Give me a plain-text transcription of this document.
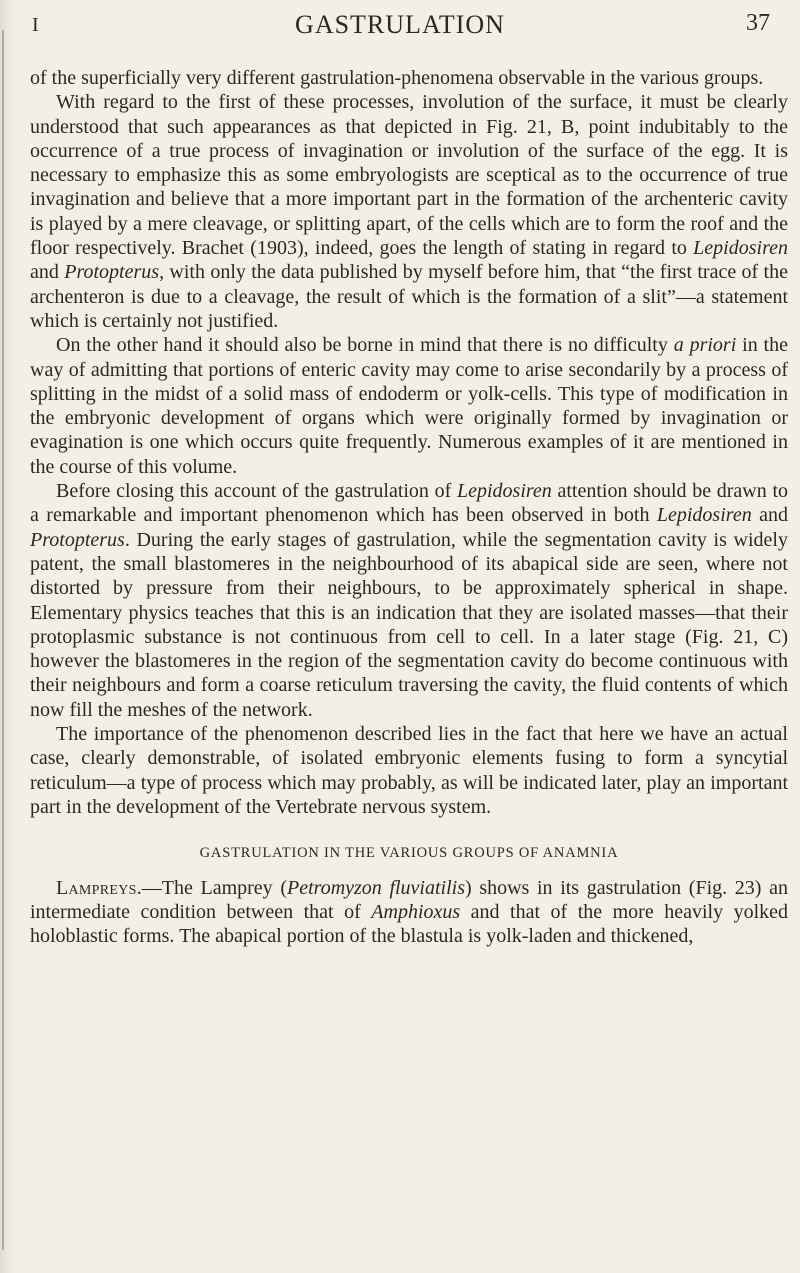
I	GASTRULATION	37

of the superficially very different gastrulation-phenomena observable in the various groups.

With regard to the first of these processes, involution of the surface, it must be clearly understood that such appearances as that depicted in Fig. 21, B, point indubitably to the occurrence of a true process of invagination or involution of the surface of the egg. It is necessary to emphasize this as some embryologists are sceptical as to the occurrence of true invagination and believe that a more important part in the formation of the archenteric cavity is played by a mere cleavage, or splitting apart, of the cells which are to form the roof and the floor respectively. Brachet (1903), indeed, goes the length of stating in regard to Lepidosiren and Protopterus, with only the data published by myself before him, that “the first trace of the archenteron is due to a cleavage, the result of which is the formation of a slit”—a statement which is certainly not justified.

On the other hand it should also be borne in mind that there is no difficulty a priori in the way of admitting that portions of enteric cavity may come to arise secondarily by a process of splitting in the midst of a solid mass of endoderm or yolk-cells. This type of modification in the embryonic development of organs which were originally formed by invagination or evagination is one which occurs quite frequently. Numerous examples of it are mentioned in the course of this volume.

Before closing this account of the gastrulation of Lepidosiren attention should be drawn to a remarkable and important phenomenon which has been observed in both Lepidosiren and Protopterus. During the early stages of gastrulation, while the segmentation cavity is widely patent, the small blastomeres in the neighbourhood of its abapical side are seen, where not distorted by pressure from their neighbours, to be approximately spherical in shape. Elementary physics teaches that this is an indication that they are isolated masses—that their protoplasmic substance is not continuous from cell to cell. In a later stage (Fig. 21, C) however the blastomeres in the region of the segmentation cavity do become continuous with their neighbours and form a coarse reticulum traversing the cavity, the fluid contents of which now fill the meshes of the network.

The importance of the phenomenon described lies in the fact that here we have an actual case, clearly demonstrable, of isolated embryonic elements fusing to form a syncytial reticulum—a type of process which may probably, as will be indicated later, play an important part in the development of the Vertebrate nervous system.

GASTRULATION IN THE VARIOUS GROUPS OF ANAMNIA

Lampreys.—The Lamprey (Petromyzon fluviatilis) shows in its gastrulation (Fig. 23) an intermediate condition between that of Amphioxus and that of the more heavily yolked holoblastic forms. The abapical portion of the blastula is yolk-laden and thickened,
